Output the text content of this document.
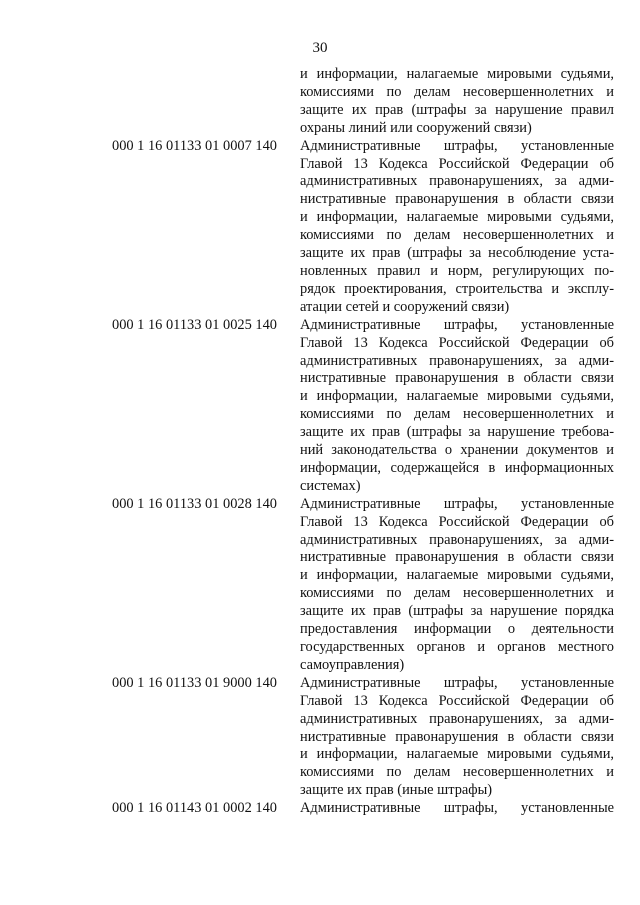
30
и информации, налагаемые мировыми судьями,
комиссиями по делам несовершеннолетних и
защите их прав (штрафы за нарушение правил
охраны линий или сооружений связи)
000 1 16 01133 01 0007 140	Административные штрафы, установленные
Главой 13 Кодекса Российской Федерации об
административных правонарушениях, за адми-
нистративные правонарушения в области связи
и информации, налагаемые мировыми судьями,
комиссиями по делам несовершеннолетних и
защите их прав (штрафы за несоблюдение уста-
новленных правил и норм, регулирующих по-
рядок проектирования, строительства и эксплу-
атации сетей и сооружений связи)
000 1 16 01133 01 0025 140	Административные штрафы, установленные
Главой 13 Кодекса Российской Федерации об
административных правонарушениях, за адми-
нистративные правонарушения в области связи
и информации, налагаемые мировыми судьями,
комиссиями по делам несовершеннолетних и
защите их прав (штрафы за нарушение требова-
ний законодательства о хранении документов и
информации, содержащейся в информационных
системах)
000 1 16 01133 01 0028 140	Административные штрафы, установленные
Главой 13 Кодекса Российской Федерации об
административных правонарушениях, за адми-
нистративные правонарушения в области связи
и информации, налагаемые мировыми судьями,
комиссиями по делам несовершеннолетних и
защите их прав (штрафы за нарушение порядка
предоставления информации о деятельности
государственных органов и органов местного
самоуправления)
000 1 16 01133 01 9000 140	Административные штрафы, установленные
Главой 13 Кодекса Российской Федерации об
административных правонарушениях, за адми-
нистративные правонарушения в области связи
и информации, налагаемые мировыми судьями,
комиссиями по делам несовершеннолетних и
защите их прав (иные штрафы)
000 1 16 01143 01 0002 140	Административные штрафы, установленные
